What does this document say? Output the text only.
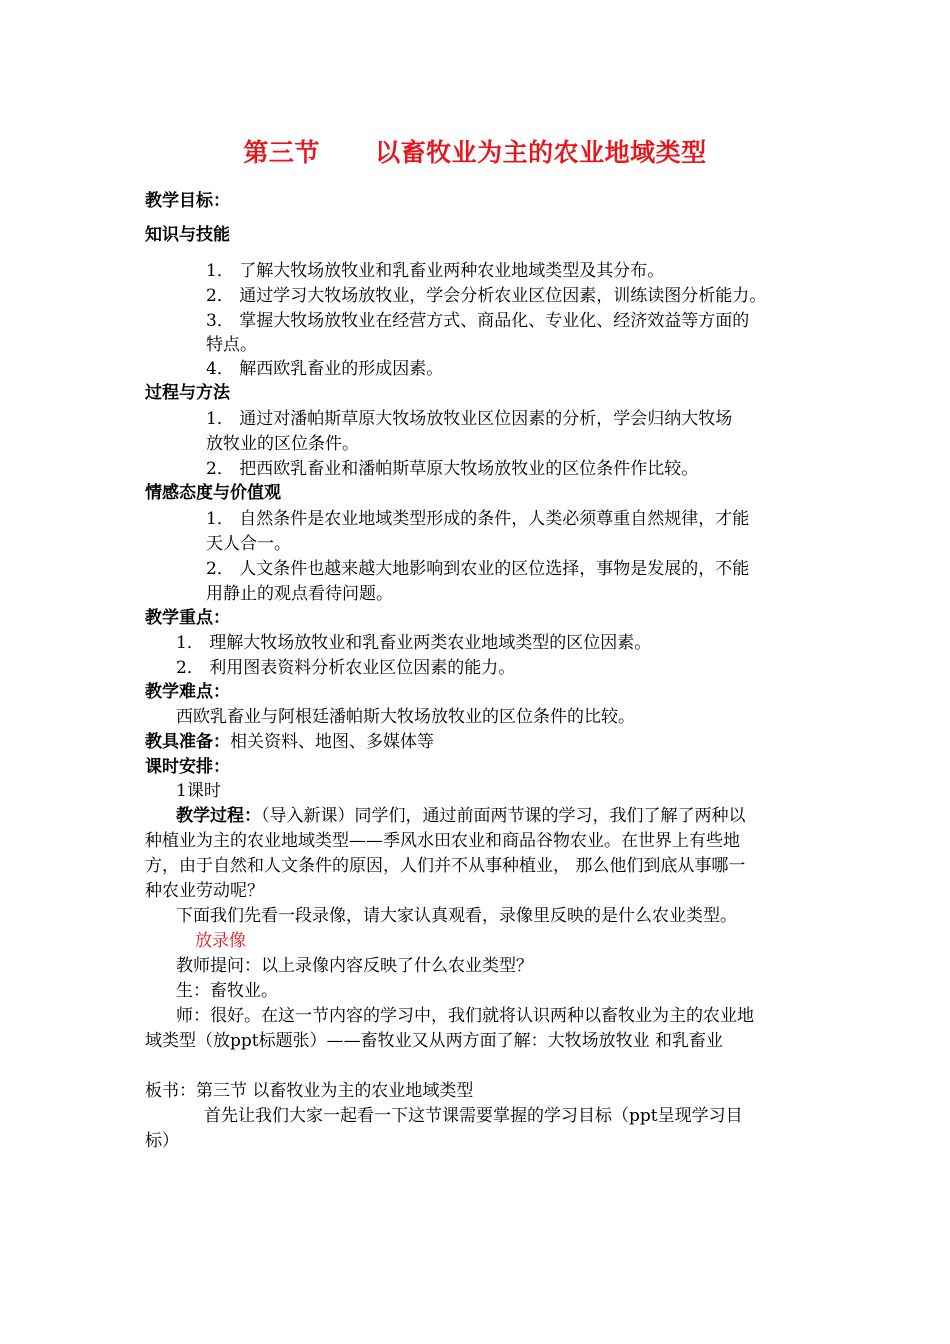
第三节      以畜牧业为主的农业地域类型
教学目标：
知识与技能
1． 了解大牧场放牧业和乳畜业两种农业地域类型及其分布。
2． 通过学习大牧场放牧业，学会分析农业区位因素，训练读图分析能力。
3． 掌握大牧场放牧业在经营方式、商品化、专业化、经济效益等方面的
特点。
4． 解西欧乳畜业的形成因素。
过程与方法
1． 通过对潘帕斯草原大牧场放牧业区位因素的分析，学会归纳大牧场
放牧业的区位条件。
2． 把西欧乳畜业和潘帕斯草原大牧场放牧业的区位条件作比较。
情感态度与价值观
1． 自然条件是农业地域类型形成的条件，人类必须尊重自然规律，才能
天人合一。
2． 人文条件也越来越大地影响到农业的区位选择，事物是发展的，不能
用静止的观点看待问题。
教学重点：
1． 理解大牧场放牧业和乳畜业两类农业地域类型的区位因素。
2． 利用图表资料分析农业区位因素的能力。
教学难点：
西欧乳畜业与阿根廷潘帕斯大牧场放牧业的区位条件的比较。
教具准备：相关资料、地图、多媒体等
课时安排：
1课时
教学过程：（导入新课）同学们，通过前面两节课的学习，我们了解了两种以
种植业为主的农业地域类型——季风水田农业和商品谷物农业。在世界上有些地
方，由于自然和人文条件的原因，人们并不从事种植业， 那么他们到底从事哪一
种农业劳动呢？
下面我们先看一段录像，请大家认真观看，录像里反映的是什么农业类型。
放录像
教师提问：以上录像内容反映了什么农业类型？
生：畜牧业。
师：很好。在这一节内容的学习中，我们就将认识两种以畜牧业为主的农业地
域类型（放ppt标题张）——畜牧业又从两方面了解：大牧场放牧业 和乳畜业
板书：第三节 以畜牧业为主的农业地域类型
首先让我们大家一起看一下这节课需要掌握的学习目标（ppt呈现学习目
标）
